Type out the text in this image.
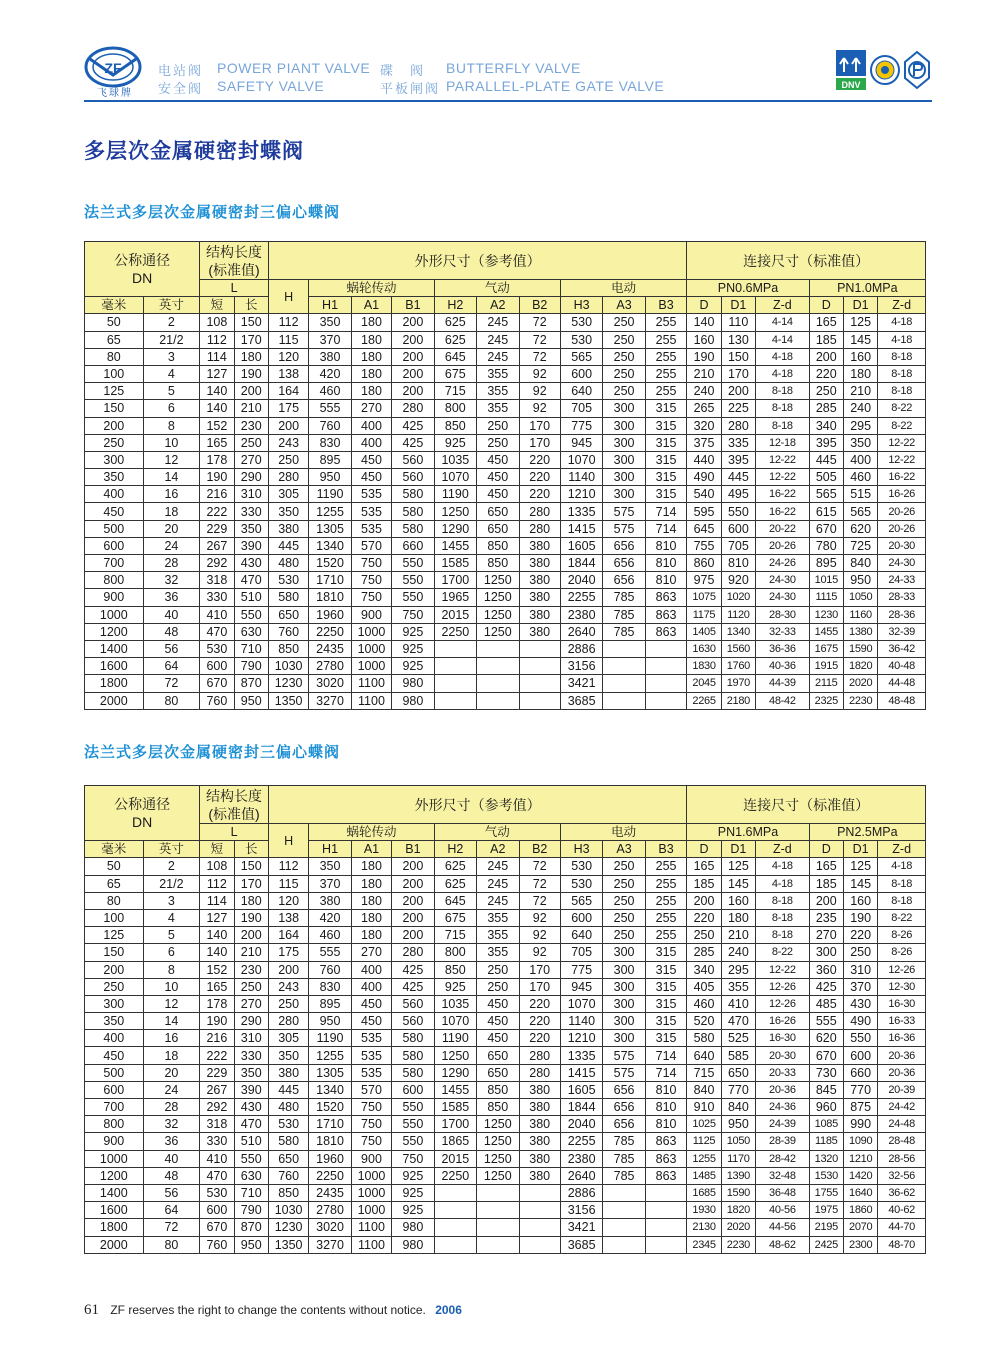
ZF
飞球牌
电站阀 POWER PIANT VALVE
安全阀 SAFETY VALVE
碟　阀 BUTTERFLY VALVE
平板闸阀 PARALLEL-PLATE GATE VALVE	DNV
多层次金属硬密封蝶阀
法兰式多层次金属硬密封三偏心蝶阀
公称通径
DN		结构长度
(标准值)		外形尺寸（参考值）										连接尺寸（标准值）					
		L		H	蜗轮传动			气动			电动			PN0.6MPa			PN1.0MPa		
毫米	英寸	短	长		H1	A1	B1	H2	A2	B2	H3	A3	B3	D	D1	Z-d	D	D1	Z-d
50	2	108	150	112	350	180	200	625	245	72	530	250	255	140	110	4-14	165	125	4-18
65	21/2	112	170	115	370	180	200	625	245	72	530	250	255	160	130	4-14	185	145	4-18
80	3	114	180	120	380	180	200	645	245	72	565	250	255	190	150	4-18	200	160	8-18
100	4	127	190	138	420	180	200	675	355	92	600	250	255	210	170	4-18	220	180	8-18
125	5	140	200	164	460	180	200	715	355	92	640	250	255	240	200	8-18	250	210	8-18
150	6	140	210	175	555	270	280	800	355	92	705	300	315	265	225	8-18	285	240	8-22
200	8	152	230	200	760	400	425	850	250	170	775	300	315	320	280	8-18	340	295	8-22
250	10	165	250	243	830	400	425	925	250	170	945	300	315	375	335	12-18	395	350	12-22
300	12	178	270	250	895	450	560	1035	450	220	1070	300	315	440	395	12-22	445	400	12-22
350	14	190	290	280	950	450	560	1070	450	220	1140	300	315	490	445	12-22	505	460	16-22
400	16	216	310	305	1190	535	580	1190	450	220	1210	300	315	540	495	16-22	565	515	16-26
450	18	222	330	350	1255	535	580	1250	650	280	1335	575	714	595	550	16-22	615	565	20-26
500	20	229	350	380	1305	535	580	1290	650	280	1415	575	714	645	600	20-22	670	620	20-26
600	24	267	390	445	1340	570	660	1455	850	380	1605	656	810	755	705	20-26	780	725	20-30
700	28	292	430	480	1520	750	550	1585	850	380	1844	656	810	860	810	24-26	895	840	24-30
800	32	318	470	530	1710	750	550	1700	1250	380	2040	656	810	975	920	24-30	1015	950	24-33
900	36	330	510	580	1810	750	550	1965	1250	380	2255	785	863	1075	1020	24-30	1115	1050	28-33
1000	40	410	550	650	1960	900	750	2015	1250	380	2380	785	863	1175	1120	28-30	1230	1160	28-36
1200	48	470	630	760	2250	1000	925	2250	1250	380	2640	785	863	1405	1340	32-33	1455	1380	32-39
1400	56	530	710	850	2435	1000	925				2886			1630	1560	36-36	1675	1590	36-42
1600	64	600	790	1030	2780	1000	925				3156			1830	1760	40-36	1915	1820	40-48
1800	72	670	870	1230	3020	1100	980				3421			2045	1970	44-39	2115	2020	44-48
2000	80	760	950	1350	3270	1100	980				3685			2265	2180	48-42	2325	2230	48-48
法兰式多层次金属硬密封三偏心蝶阀
公称通径
DN		结构长度
(标准值)		外形尺寸（参考值）										连接尺寸（标准值）					
		L		H	蜗轮传动			气动			电动			PN1.6MPa			PN2.5MPa		
毫米	英寸	短	长		H1	A1	B1	H2	A2	B2	H3	A3	B3	D	D1	Z-d	D	D1	Z-d
50	2	108	150	112	350	180	200	625	245	72	530	250	255	165	125	4-18	165	125	4-18
65	21/2	112	170	115	370	180	200	625	245	72	530	250	255	185	145	4-18	185	145	8-18
80	3	114	180	120	380	180	200	645	245	72	565	250	255	200	160	8-18	200	160	8-18
100	4	127	190	138	420	180	200	675	355	92	600	250	255	220	180	8-18	235	190	8-22
125	5	140	200	164	460	180	200	715	355	92	640	250	255	250	210	8-18	270	220	8-26
150	6	140	210	175	555	270	280	800	355	92	705	300	315	285	240	8-22	300	250	8-26
200	8	152	230	200	760	400	425	850	250	170	775	300	315	340	295	12-22	360	310	12-26
250	10	165	250	243	830	400	425	925	250	170	945	300	315	405	355	12-26	425	370	12-30
300	12	178	270	250	895	450	560	1035	450	220	1070	300	315	460	410	12-26	485	430	16-30
350	14	190	290	280	950	450	560	1070	450	220	1140	300	315	520	470	16-26	555	490	16-33
400	16	216	310	305	1190	535	580	1190	450	220	1210	300	315	580	525	16-30	620	550	16-36
450	18	222	330	350	1255	535	580	1250	650	280	1335	575	714	640	585	20-30	670	600	20-36
500	20	229	350	380	1305	535	580	1290	650	280	1415	575	714	715	650	20-33	730	660	20-36
600	24	267	390	445	1340	570	600	1455	850	380	1605	656	810	840	770	20-36	845	770	20-39
700	28	292	430	480	1520	750	550	1585	850	380	1844	656	810	910	840	24-36	960	875	24-42
800	32	318	470	530	1710	750	550	1700	1250	380	2040	656	810	1025	950	24-39	1085	990	24-48
900	36	330	510	580	1810	750	550	1865	1250	380	2255	785	863	1125	1050	28-39	1185	1090	28-48
1000	40	410	550	650	1960	900	750	2015	1250	380	2380	785	863	1255	1170	28-42	1320	1210	28-56
1200	48	470	630	760	2250	1000	925	2250	1250	380	2640	785	863	1485	1390	32-48	1530	1420	32-56
1400	56	530	710	850	2435	1000	925				2886			1685	1590	36-48	1755	1640	36-62
1600	64	600	790	1030	2780	1000	925				3156			1930	1820	40-56	1975	1860	40-62
1800	72	670	870	1230	3020	1100	980				3421			2130	2020	44-56	2195	2070	44-70
2000	80	760	950	1350	3270	1100	980				3685			2345	2230	48-62	2425	2300	48-70
61 ZF reserves the right to change the contents without notice. 2006
